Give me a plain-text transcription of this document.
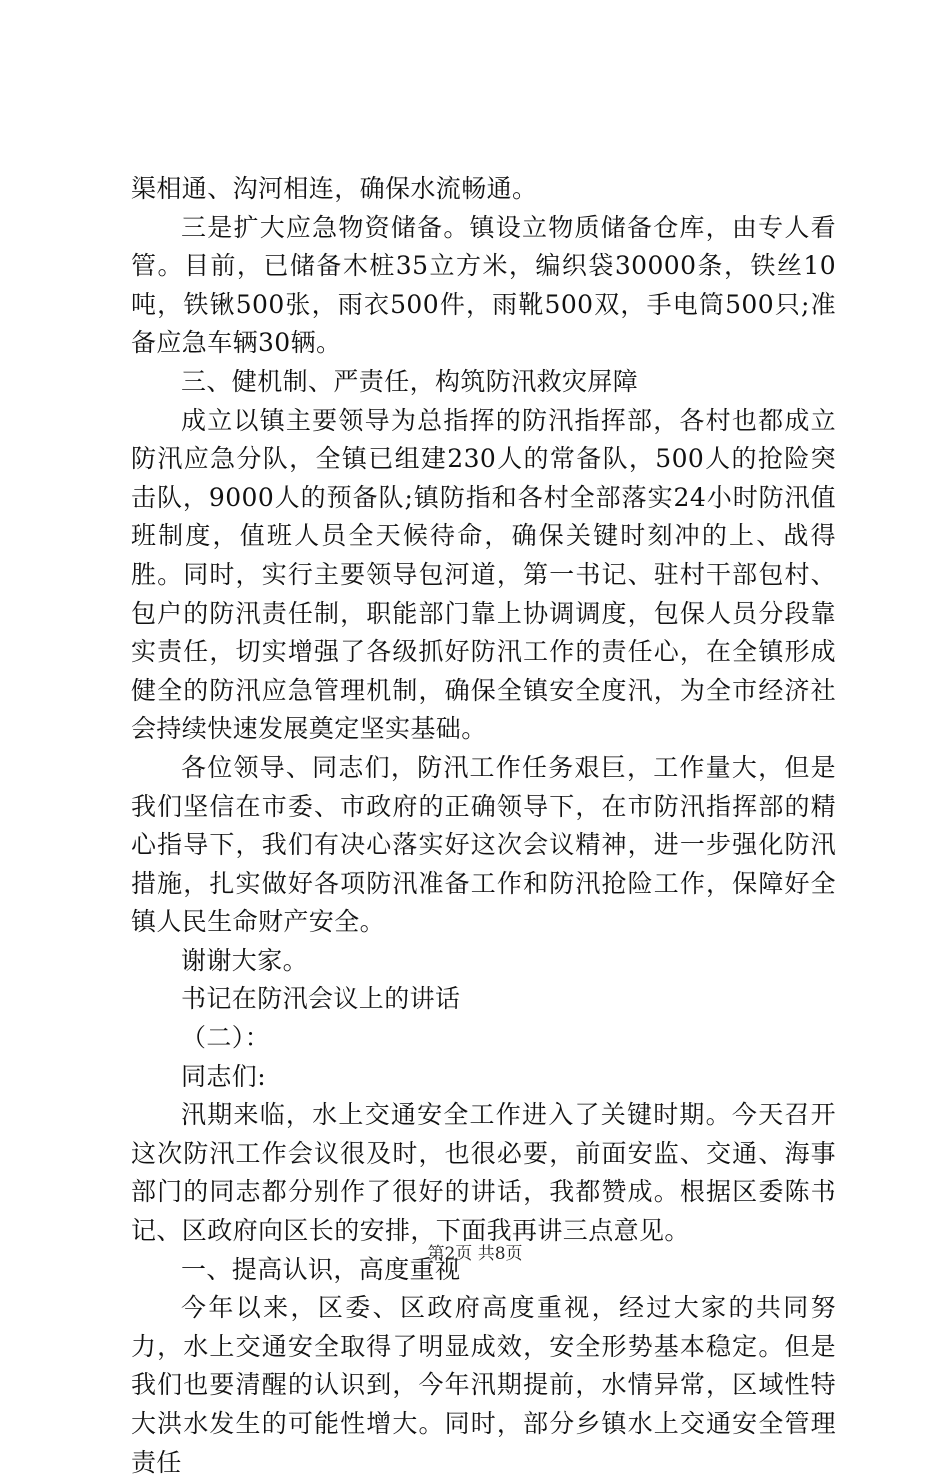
渠相通、沟河相连，确保水流畅通。

三是扩大应急物资储备。镇设立物质储备仓库，由专人看管。目前，已储备木桩35立方米，编织袋30000条，铁丝10吨，铁锹500张，雨衣500件，雨靴500双，手电筒500只;准备应急车辆30辆。

三、健机制、严责任，构筑防汛救灾屏障

成立以镇主要领导为总指挥的防汛指挥部，各村也都成立防汛应急分队，全镇已组建230人的常备队，500人的抢险突击队，9000人的预备队;镇防指和各村全部落实24小时防汛值班制度，值班人员全天候待命，确保关键时刻冲的上、战得胜。同时，实行主要领导包河道，第一书记、驻村干部包村、包户的防汛责任制，职能部门靠上协调调度，包保人员分段靠实责任，切实增强了各级抓好防汛工作的责任心，在全镇形成健全的防汛应急管理机制，确保全镇安全度汛，为全市经济社会持续快速发展奠定坚实基础。

各位领导、同志们，防汛工作任务艰巨，工作量大，但是我们坚信在市委、市政府的正确领导下，在市防汛指挥部的精心指导下，我们有决心落实好这次会议精神，进一步强化防汛措施，扎实做好各项防汛准备工作和防汛抢险工作，保障好全镇人民生命财产安全。

谢谢大家。

书记在防汛会议上的讲话

（二）：

同志们:

汛期来临，水上交通安全工作进入了关键时期。今天召开这次防汛工作会议很及时，也很必要，前面安监、交通、海事部门的同志都分别作了很好的讲话，我都赞成。根据区委陈书记、区政府向区长的安排，下面我再讲三点意见。

一、提高认识，高度重视

今年以来，区委、区政府高度重视，经过大家的共同努力，水上交通安全取得了明显成效，安全形势基本稳定。但是我们也要清醒的认识到，今年汛期提前，水情异常，区域性特大洪水发生的可能性增大。同时，部分乡镇水上交通安全管理责任

第2页 共8页
